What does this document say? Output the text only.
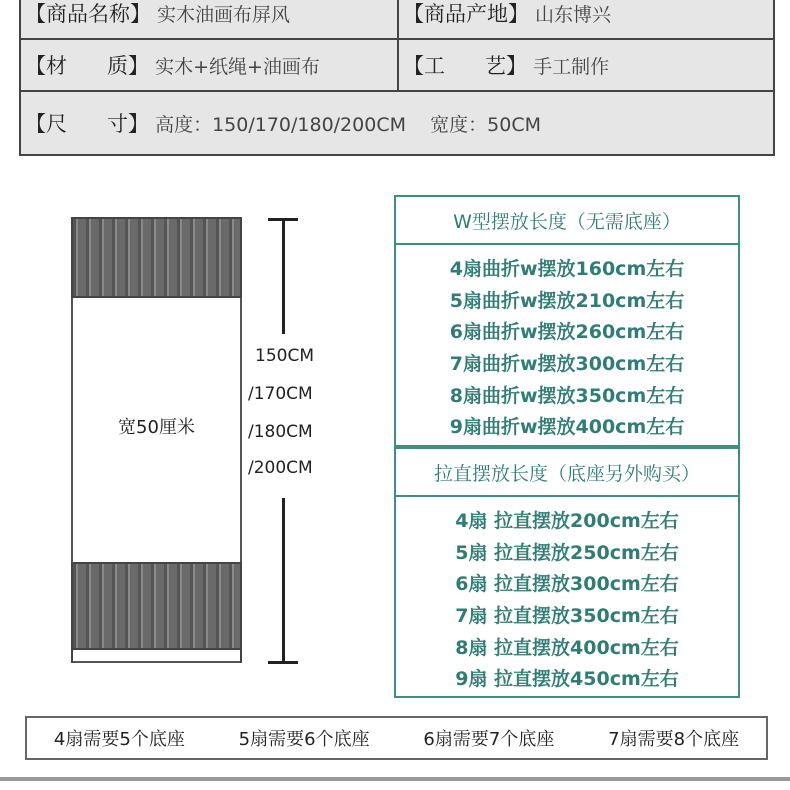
【商品名称】 实木油画布屏风	【商品产地】 山东博兴
【材      质】 实木+纸绳+油画布	【工      艺】 手工制作
【尺      寸】 高度：150/170/180/200CM    宽度：50CM
宽50厘米
150CM
/170CM
/180CM
/200CM
W型摆放长度（无需底座）
4扇曲折w摆放160cm左右
5扇曲折w摆放210cm左右
6扇曲折w摆放260cm左右
7扇曲折w摆放300cm左右
8扇曲折w摆放350cm左右
9扇曲折w摆放400cm左右
拉直摆放长度（底座另外购买）
4扇 拉直摆放200cm左右
5扇 拉直摆放250cm左右
6扇 拉直摆放300cm左右
7扇 拉直摆放350cm左右
8扇 拉直摆放400cm左右
9扇 拉直摆放450cm左右
4扇需要5个底座	5扇需要6个底座	6扇需要7个底座	7扇需要8个底座
